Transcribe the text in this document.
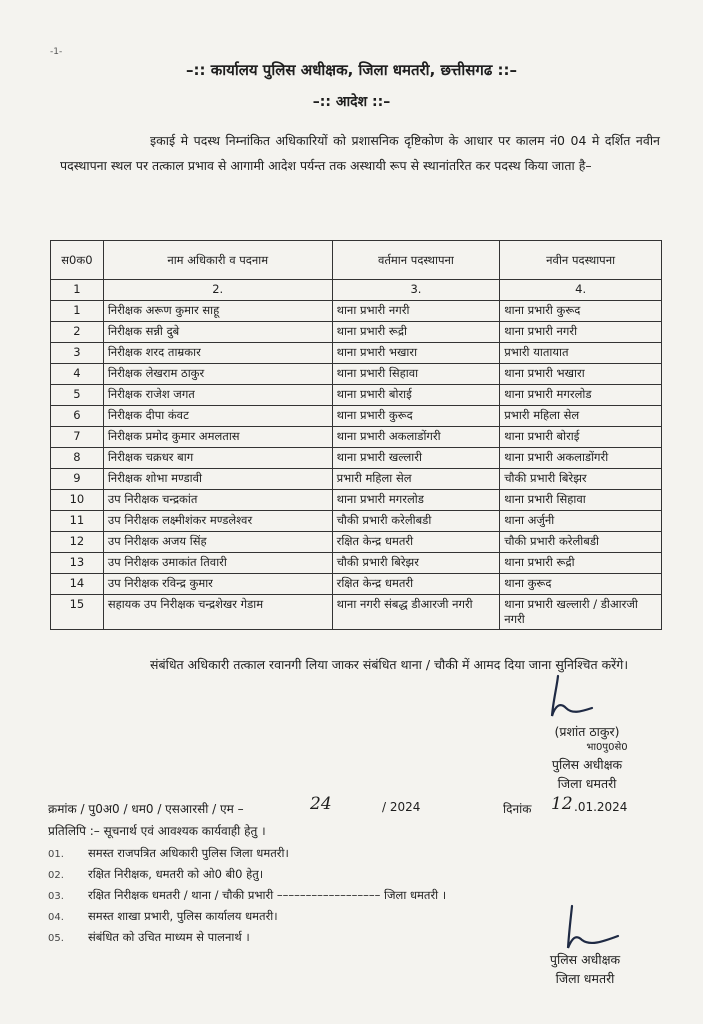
-1-
–:: कार्यालय पुलिस अधीक्षक, जिला धमतरी, छत्तीसगढ ::–
–:: आदेश ::–
इकाई मे पदस्थ निम्नांकित अधिकारियों को प्रशासनिक दृष्टिकोण के आधार पर कालम नं0 04 मे दर्शित नवीन पदस्थापना स्थल पर तत्काल प्रभाव से आगामी आदेश पर्यन्त तक अस्थायी रूप से स्थानांतरित कर पदस्थ किया जाता है–
स0क0	नाम अधिकारी व पदनाम	वर्तमान पदस्थापना	नवीन पदस्थापना
1	2.	3.	4.
1	निरीक्षक अरूण कुमार साहू	थाना प्रभारी नगरी	थाना प्रभारी कुरूद
2	निरीक्षक सन्नी दुबे	थाना प्रभारी रूद्री	थाना प्रभारी नगरी
3	निरीक्षक शरद ताम्रकार	थाना प्रभारी भखारा	प्रभारी यातायात
4	निरीक्षक लेखराम ठाकुर	थाना प्रभारी सिहावा	थाना प्रभारी भखारा
5	निरीक्षक राजेश जगत	थाना प्रभारी बोराई	थाना प्रभारी मगरलोड
6	निरीक्षक दीपा कंवट	थाना प्रभारी कुरूद	प्रभारी महिला सेल
7	निरीक्षक प्रमोद कुमार अमलतास	थाना प्रभारी अकलाडोंगरी	थाना प्रभारी बोराई
8	निरीक्षक चक्रधर बाग	थाना प्रभारी खल्लारी	थाना प्रभारी अकलाडोंगरी
9	निरीक्षक शोभा मण्डावी	प्रभारी महिला सेल	चौकी प्रभारी बिरेझर
10	उप निरीक्षक चन्द्रकांत	थाना प्रभारी मगरलोड	थाना प्रभारी सिहावा
11	उप निरीक्षक लक्ष्मीशंकर मण्डलेश्वर	चौकी प्रभारी करेलीबडी	थाना अर्जुनी
12	उप निरीक्षक अजय सिंह	रक्षित केन्द्र धमतरी	चौकी प्रभारी करेलीबडी
13	उप निरीक्षक उमाकांत तिवारी	चौकी प्रभारी बिरेझर	थाना प्रभारी रूद्री
14	उप निरीक्षक रविन्द्र कुमार	रक्षित केन्द्र धमतरी	थाना कुरूद
15	सहायक उप निरीक्षक चन्द्रशेखर गेडाम	थाना नगरी संबद्ध डीआरजी नगरी	थाना प्रभारी खल्लारी / डीआरजी नगरी
संबंधित अधिकारी तत्काल रवानगी लिया जाकर संबंधित थाना / चौकी में आमद दिया जाना सुनिश्चित करेंगे।
(प्रशांत ठाकुर)
भा0पु0से0
पुलिस अधीक्षक
जिला धमतरी
क्रमांक / पु0अ0 / धम0 / एसआरसी / एम –	24	/ 2024	दिनांक 12 .01.2024
प्रतिलिपि :– सूचनार्थ एवं आवश्यक कार्यवाही हेतु ।
01. समस्त राजपत्रित अधिकारी पुलिस जिला धमतरी।
02. रक्षित निरीक्षक, धमतरी को ओ0 बी0 हेतु।
03. रक्षित निरीक्षक धमतरी / थाना / चौकी प्रभारी –––––––––––––––––– जिला धमतरी ।
04. समस्त शाखा प्रभारी, पुलिस कार्यालय धमतरी।
05. संबंधित को उचित माध्यम से पालनार्थ ।
पुलिस अधीक्षक
जिला धमतरी
